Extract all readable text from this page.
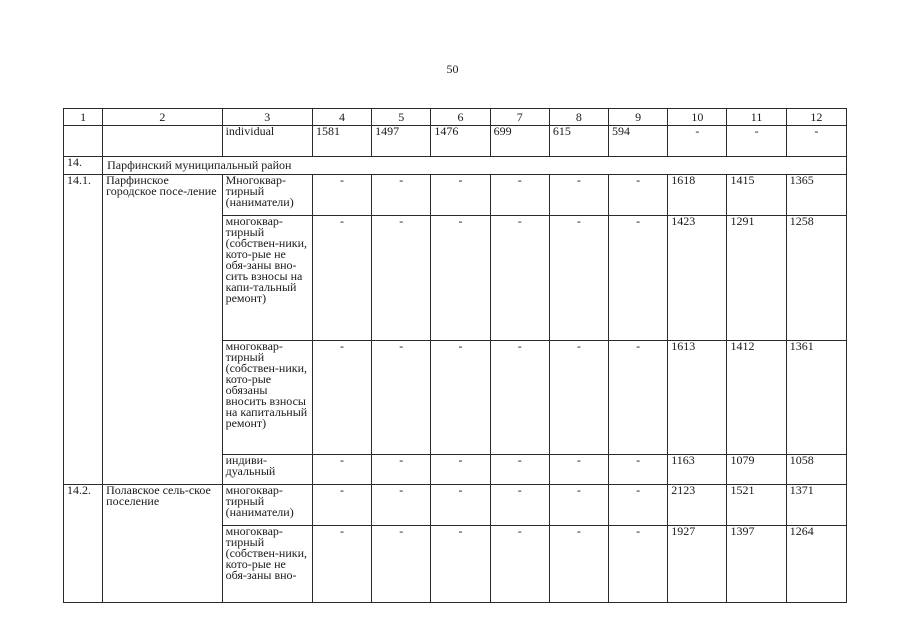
50
1	2	3	4	5	6	7	8	9	10	11	12
		individual	1581	1497	1476	699	615	594	-	-	-
14.	Парфинский муниципальный район										
14.1.	Парфинское городское посе-ление	Многоквар-тирный (наниматели)	-	-	-	-	-	-	1618	1415	1365
		многоквар-тирный (собствен-ники, кото-рые не обя-заны вно-сить взносы на капи-тальный ремонт)	-	-	-	-	-	-	1423	1291	1258
		многоквар-тирный (собствен-ники, кото-рые обязаны вносить взносы на капитальный ремонт)	-	-	-	-	-	-	1613	1412	1361
		индиви-дуальный	-	-	-	-	-	-	1163	1079	1058
14.2.	Полавское сель-ское поселение	многоквар-тирный (наниматели)	-	-	-	-	-	-	2123	1521	1371
		многоквар-тирный (собствен-ники, кото-рые не обя-заны вно-	-	-	-	-	-	-	1927	1397	1264
